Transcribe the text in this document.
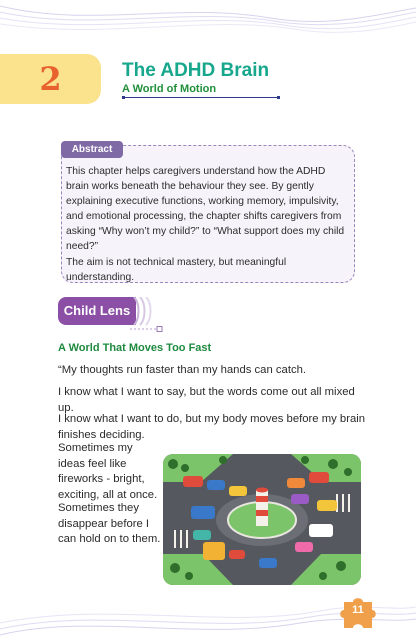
2	The ADHD Brain
A World of Motion
Abstract

This chapter helps caregivers understand how the ADHD brain works beneath the behaviour they see. By gently explaining executive functions, working memory, impulsivity, and emotional processing, the chapter shifts caregivers from asking “Why won’t my child?” to “What support does my child need?”
The aim is not technical mastery, but meaningful understanding.

Child Lens
A World That Moves Too Fast

“My thoughts run faster than my hands can catch.

I know what I want to say, but the words come out all mixed up.

I know what I want to do, but my body moves before my brain finishes deciding.

Sometimes my ideas feel like fireworks - bright, exciting, all at once.

Sometimes they disappear before I can hold on to them.

11
